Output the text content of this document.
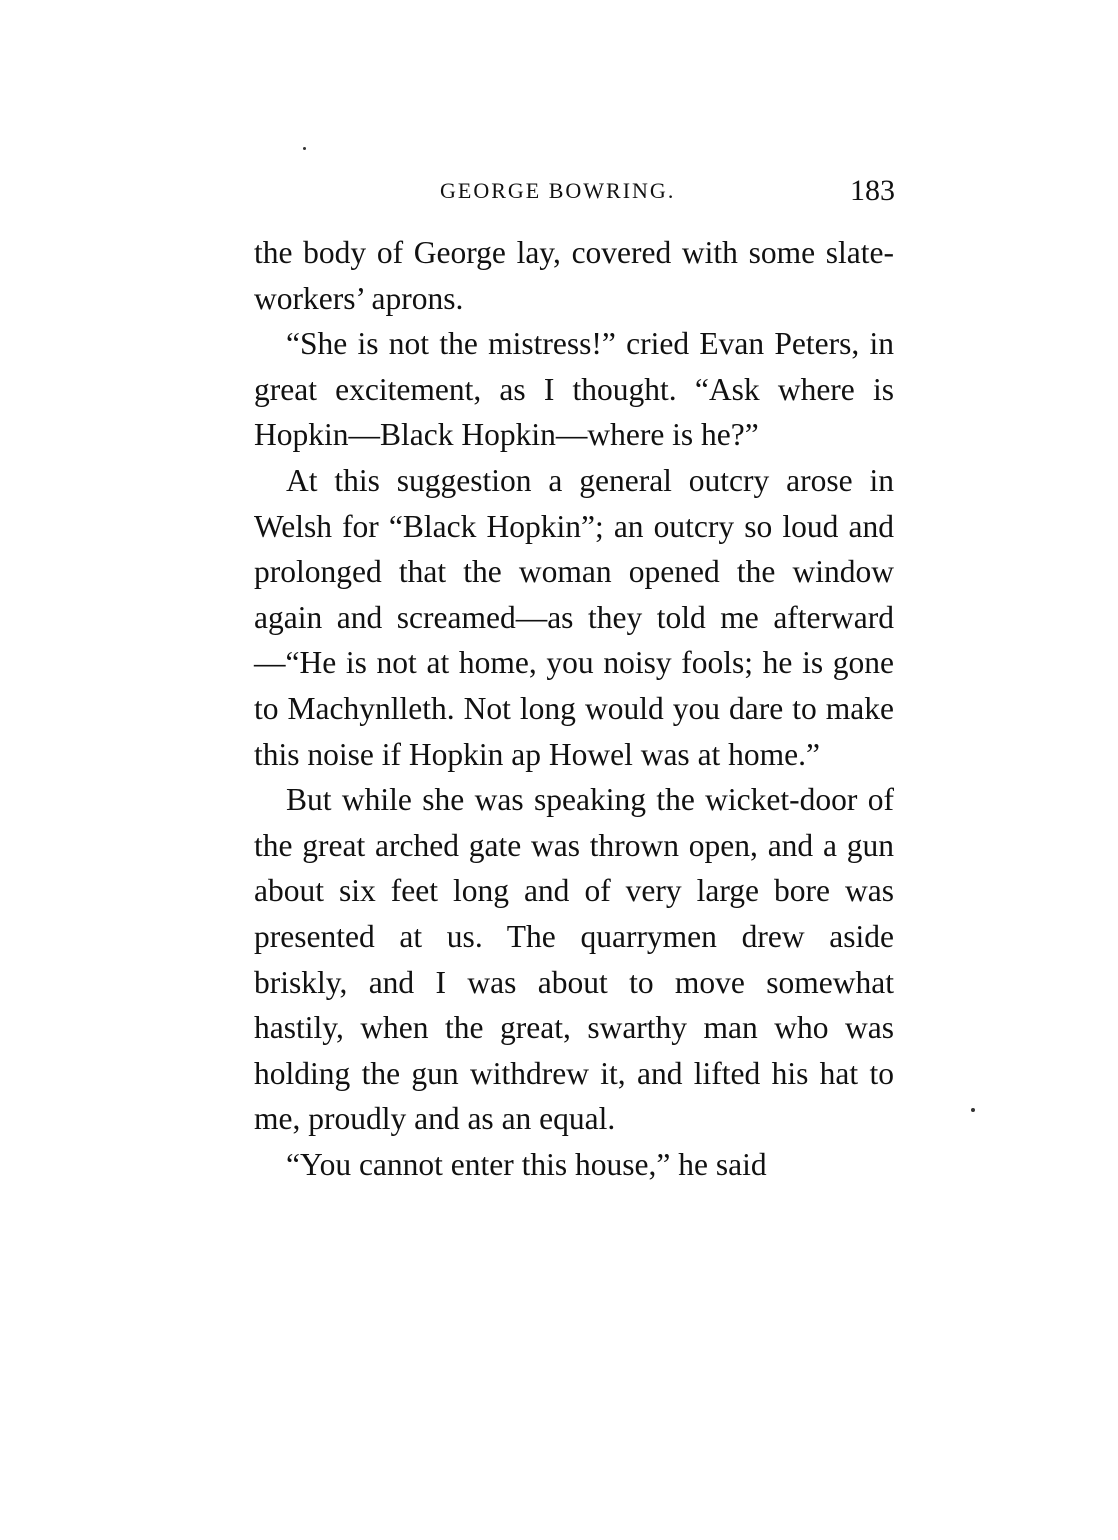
GEORGE BOWRING.	183

the body of George lay, covered with some slate-workers’ aprons.

“She is not the mistress!” cried Evan Peters, in great excitement, as I thought. “Ask where is Hopkin—Black Hopkin—where is he?”

At this suggestion a general outcry arose in Welsh for “Black Hopkin”; an outcry so loud and prolonged that the woman opened the window again and screamed—as they told me afterward—“He is not at home, you noisy fools; he is gone to Machynlleth. Not long would you dare to make this noise if Hopkin ap Howel was at home.”

But while she was speaking the wicket-door of the great arched gate was thrown open, and a gun about six feet long and of very large bore was presented at us. The quarrymen drew aside briskly, and I was about to move somewhat hastily, when the great, swarthy man who was holding the gun withdrew it, and lifted his hat to me, proudly and as an equal.

“You cannot enter this house,” he said
